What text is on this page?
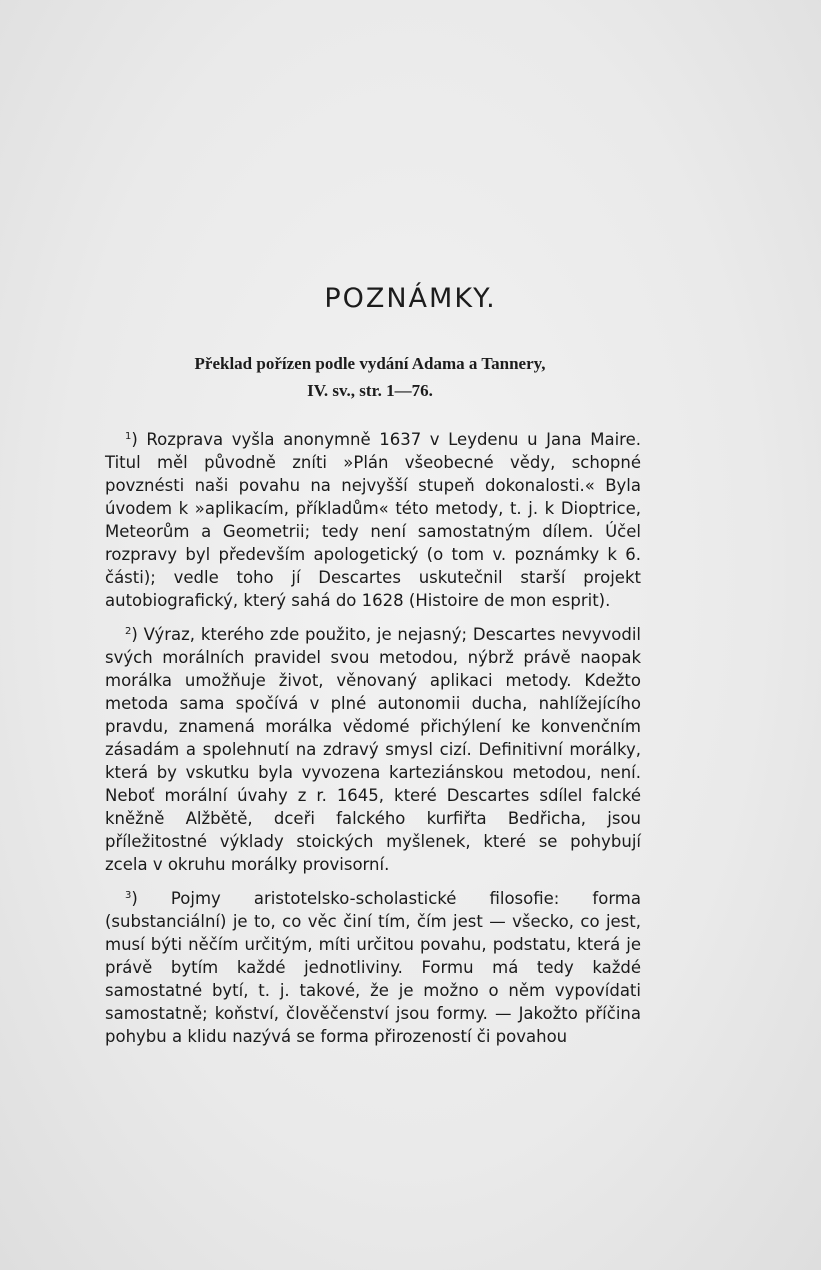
POZNÁMKY.
Překlad pořízen podle vydání Adama a Tannery,
IV. sv., str. 1—76.

$^1$) Rozprava vyšla anonymně 1637 v Leydenu u Jana Maire. Titul měl původně zníti »Plán všeobecné vědy, schopné povznésti naši povahu na nejvyšší stupeň dokonalosti.« Byla úvodem k »aplikacím, příkladům« této metody, t. j. k Dioptrice, Meteorům a Geometrii; tedy není samostatným dílem. Účel rozpravy byl především apologetický (o tom v. poznámky k 6. části); vedle toho jí Descartes uskutečnil starší projekt autobiografický, který sahá do 1628 (Histoire de mon esprit).

$^2$) Výraz, kterého zde použito, je nejasný; Descartes nevyvodil svých morálních pravidel svou metodou, nýbrž právě naopak morálka umožňuje život, věnovaný aplikaci metody. Kdežto metoda sama spočívá v plné autonomii ducha, nahlížejícího pravdu, znamená morálka vědomé přichýlení ke konvenčním zásadám a spolehnutí na zdravý smysl cizí. Definitivní morálky, která by vskutku byla vyvozena karteziánskou metodou, není. Neboť morální úvahy z r. 1645, které Descartes sdílel falcké kněžně Alžbětě, dceři falckého kurfiřta Bedřicha, jsou příležitostné výklady stoických myšlenek, které se pohybují zcela v okruhu morálky provisorní.

$^3$) Pojmy aristotelsko-scholastické filosofie: forma (substanciální) je to, co věc činí tím, čím jest — všecko, co jest, musí býti něčím určitým, míti určitou povahu, podstatu, která je právě bytím každé jednotliviny. Formu má tedy každé samostatné bytí, t. j. takové, že je možno o něm vypovídati samostatně; koňství, člověčenství jsou formy. — Jakožto příčina pohybu a klidu nazývá se forma přirozeností či povahou
